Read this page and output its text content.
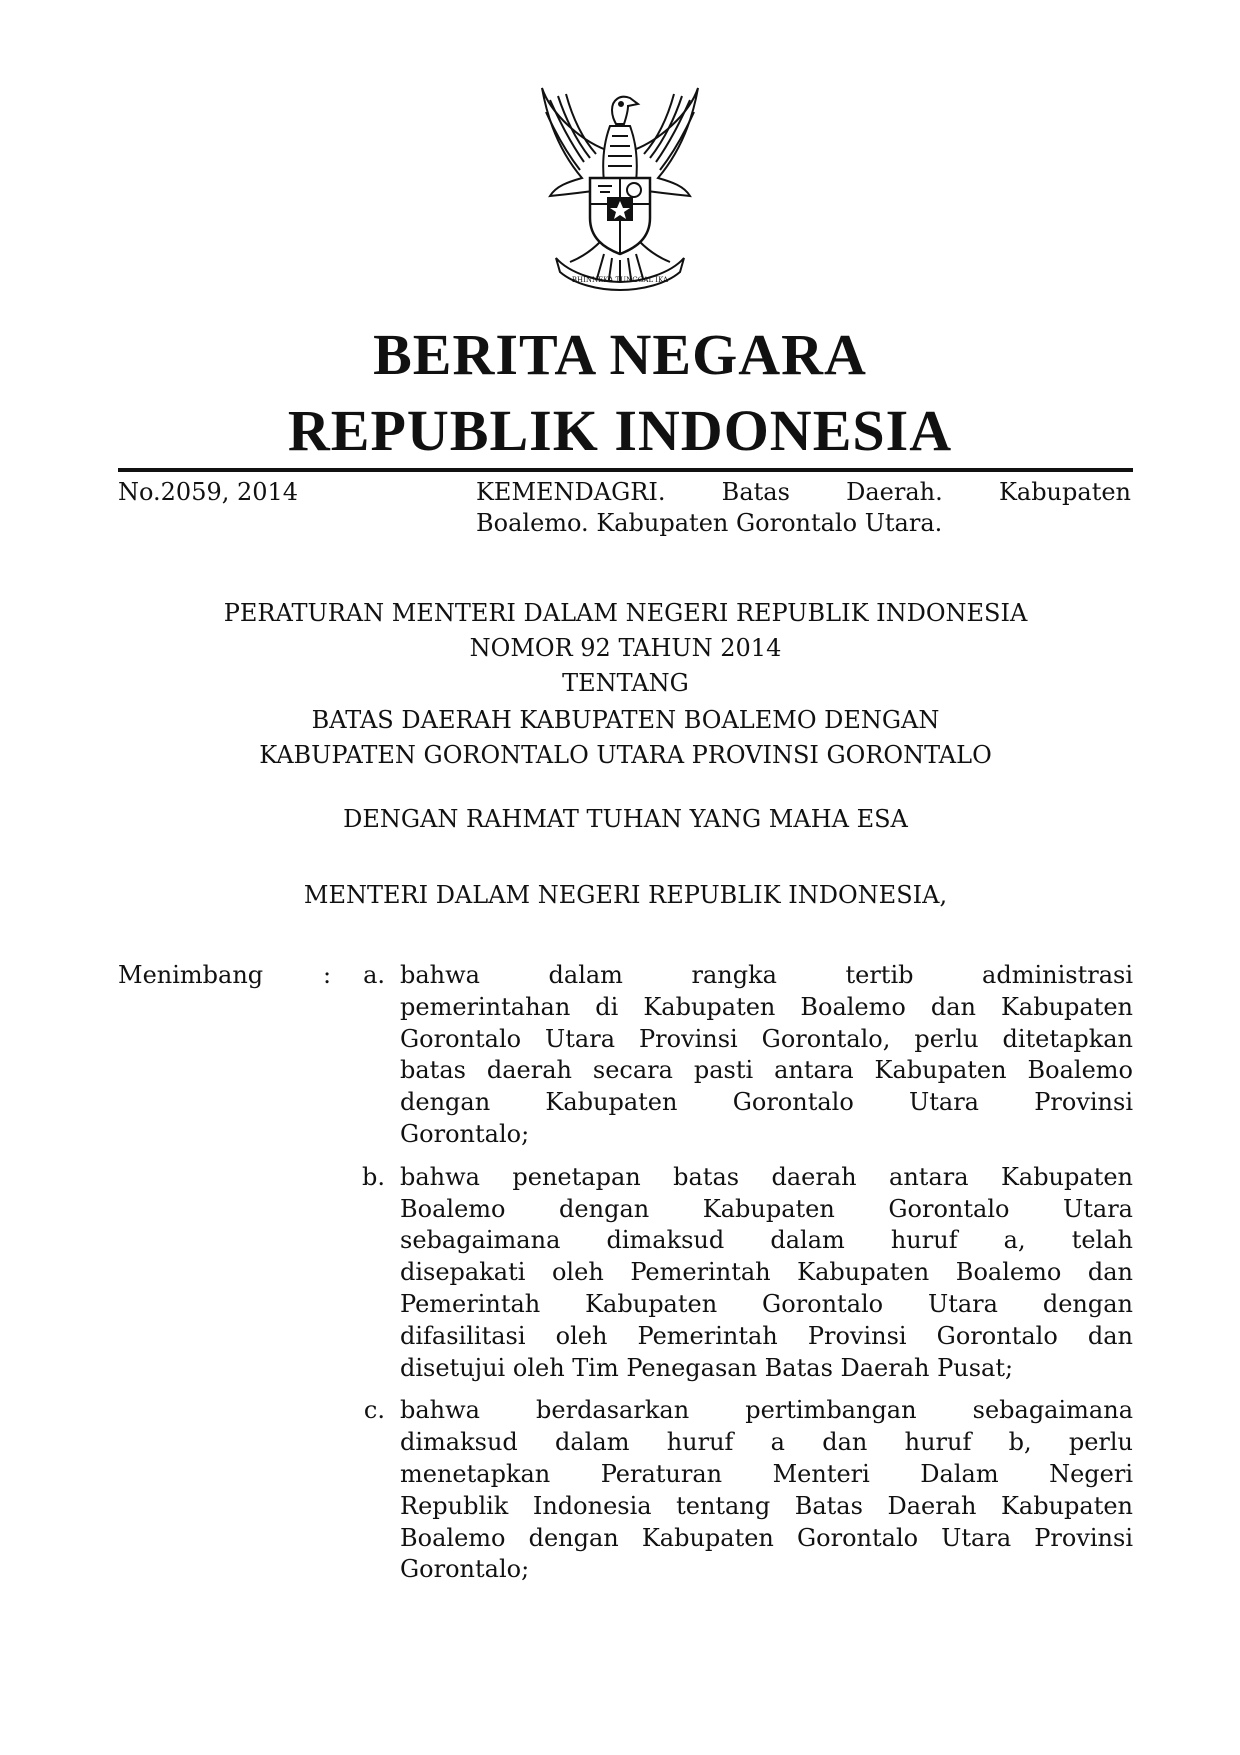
BHINNEKA TUNGGAL IKA
BERITA NEGARA
REPUBLIK INDONESIA
No.2059, 2014	KEMENDAGRI. Batas Daerah. Kabupaten
Boalemo. Kabupaten Gorontalo Utara.
PERATURAN MENTERI DALAM NEGERI REPUBLIK INDONESIA
NOMOR 92 TAHUN 2014
TENTANG
BATAS DAERAH KABUPATEN BOALEMO DENGAN
KABUPATEN GORONTALO UTARA PROVINSI GORONTALO
DENGAN RAHMAT TUHAN YANG MAHA ESA
MENTERI DALAM NEGERI REPUBLIK INDONESIA,
Menimbang :	a. bahwa dalam rangka tertib administrasi
pemerintahan di Kabupaten Boalemo dan Kabupaten
Gorontalo Utara Provinsi Gorontalo, perlu ditetapkan
batas daerah secara pasti antara Kabupaten Boalemo
dengan Kabupaten Gorontalo Utara Provinsi
Gorontalo;
b. bahwa penetapan batas daerah antara Kabupaten
Boalemo dengan Kabupaten Gorontalo Utara
sebagaimana dimaksud dalam huruf a, telah
disepakati oleh Pemerintah Kabupaten Boalemo dan
Pemerintah Kabupaten Gorontalo Utara dengan
difasilitasi oleh Pemerintah Provinsi Gorontalo dan
disetujui oleh Tim Penegasan Batas Daerah Pusat;
c. bahwa berdasarkan pertimbangan sebagaimana
dimaksud dalam huruf a dan huruf b, perlu
menetapkan Peraturan Menteri Dalam Negeri
Republik Indonesia tentang Batas Daerah Kabupaten
Boalemo dengan Kabupaten Gorontalo Utara Provinsi
Gorontalo;
